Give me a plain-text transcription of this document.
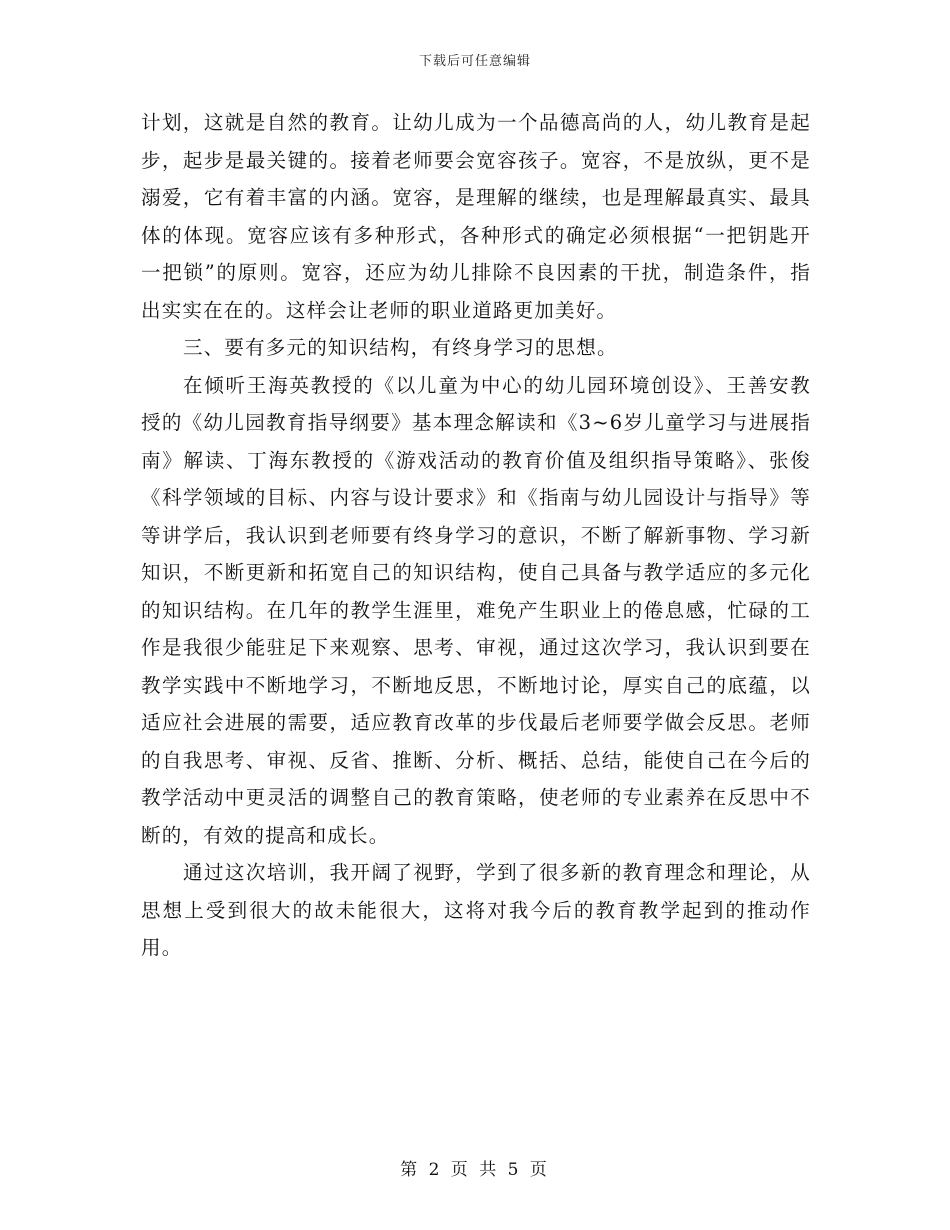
下载后可任意编辑

计划，这就是自然的教育。让幼儿成为一个品德高尚的人，幼儿教育是起步，起步是最关键的。接着老师要会宽容孩子。宽容，不是放纵，更不是溺爱，它有着丰富的内涵。宽容，是理解的继续，也是理解最真实、最具体的体现。宽容应该有多种形式，各种形式的确定必须根据“一把钥匙开一把锁”的原则。宽容，还应为幼儿排除不良因素的干扰，制造条件，指出实实在在的。这样会让老师的职业道路更加美好。

三、要有多元的知识结构，有终身学习的思想。

在倾听王海英教授的《以儿童为中心的幼儿园环境创设》、王善安教授的《幼儿园教育指导纲要》基本理念解读和《3~6岁儿童学习与进展指南》解读、丁海东教授的《游戏活动的教育价值及组织指导策略》、张俊《科学领域的目标、内容与设计要求》和《指南与幼儿园设计与指导》等等讲学后，我认识到老师要有终身学习的意识，不断了解新事物、学习新知识，不断更新和拓宽自己的知识结构，使自己具备与教学适应的多元化的知识结构。在几年的教学生涯里，难免产生职业上的倦息感，忙碌的工作是我很少能驻足下来观察、思考、审视，通过这次学习，我认识到要在教学实践中不断地学习，不断地反思，不断地讨论，厚实自己的底蕴，以适应社会进展的需要，适应教育改革的步伐最后老师要学做会反思。老师的自我思考、审视、反省、推断、分析、概括、总结，能使自己在今后的教学活动中更灵活的调整自己的教育策略，使老师的专业素养在反思中不断的，有效的提高和成长。

通过这次培训，我开阔了视野，学到了很多新的教育理念和理论，从思想上受到很大的故未能很大，这将对我今后的教育教学起到的推动作用。

第 2 页 共 5 页
